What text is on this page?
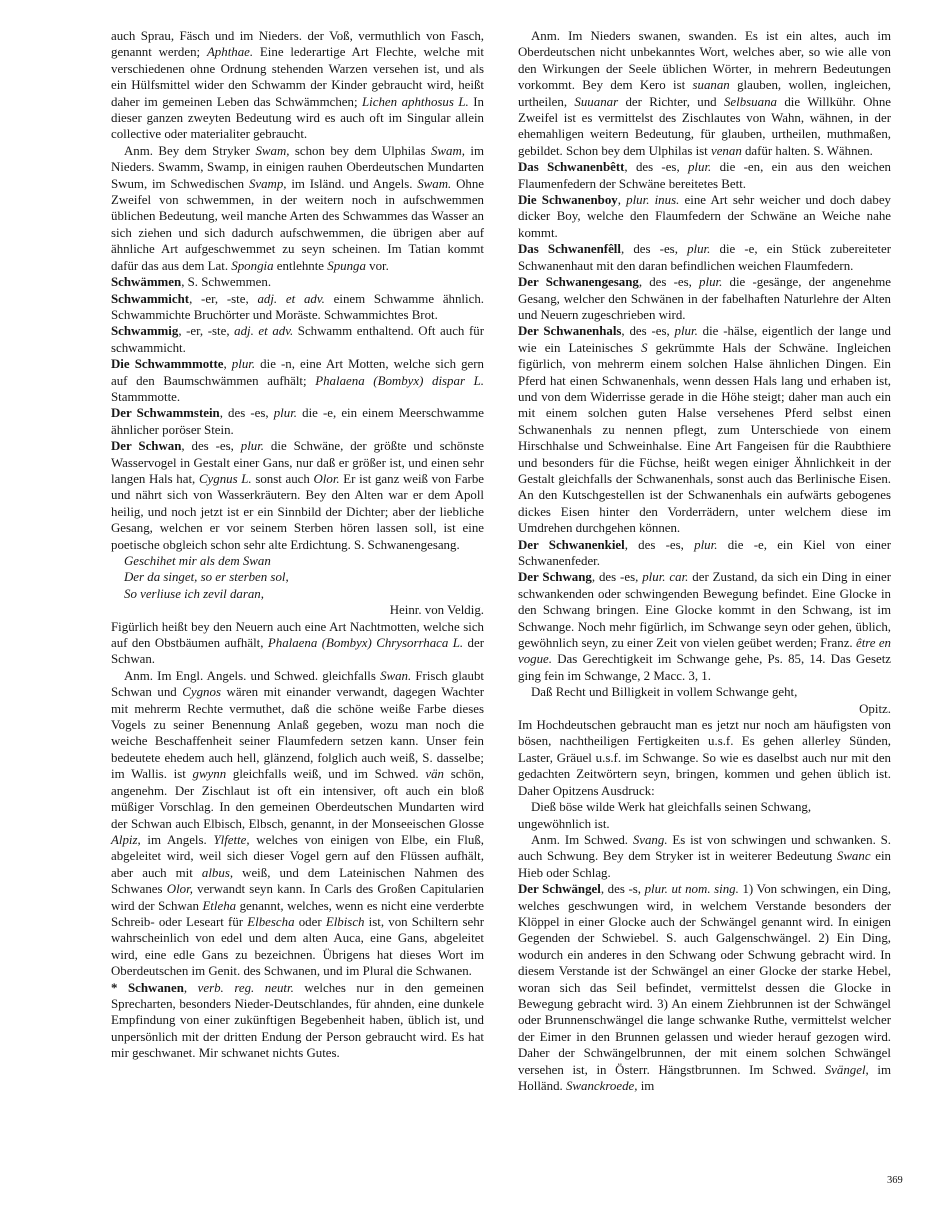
auch Sprau, Fäsch und im Nieders. der Voß, vermuthlich von Fasch, genannt werden; Aphthae. Eine lederartige Art Flechte, welche mit verschiedenen ohne Ordnung stehenden Warzen versehen ist, und als ein Hülfsmittel wider den Schwamm der Kinder gebraucht wird, heißt daher im gemeinen Leben das Schwämmchen; Lichen aphthosus L. In dieser ganzen zweyten Bedeutung wird es auch oft im Singular allein collective oder materialiter gebraucht.

Anm. Bey dem Stryker Swam, schon bey dem Ulphilas Swam, im Nieders. Swamm, Swamp, in einigen rauhen Oberdeutschen Mundarten Swum, im Schwedischen Svamp, im Isländ. und Angels. Swam. Ohne Zweifel von schwemmen, in der weitern noch in aufschwemmen üblichen Bedeutung, weil manche Arten des Schwammes das Wasser an sich ziehen und sich dadurch aufschwemmen, die übrigen aber auf ähnliche Art aufgeschwemmet zu seyn scheinen. Im Tatian kommt dafür das aus dem Lat. Spongia entlehnte Spunga vor.

Schwämmen, S. Schwemmen.

Schwammicht, -er, -ste, adj. et adv. einem Schwamme ähnlich. Schwammichte Bruchörter und Moräste. Schwammichtes Brot.

Schwammig, -er, -ste, adj. et adv. Schwamm enthaltend. Oft auch für schwammicht.

Die Schwammmotte, plur. die -n, eine Art Motten, welche sich gern auf den Baumschwämmen aufhält; Phalaena (Bombyx) dispar L. Stammmotte.

Der Schwammstein, des -es, plur. die -e, ein einem Meerschwamme ähnlicher poröser Stein.

Der Schwan, des -es, plur. die Schwäne, der größte und schönste Wasservogel in Gestalt einer Gans, nur daß er größer ist, und einen sehr langen Hals hat, Cygnus L. sonst auch Olor. Er ist ganz weiß von Farbe und nährt sich von Wasserkräutern. Bey den Alten war er dem Apoll heilig, und noch jetzt ist er ein Sinnbild der Dichter; aber der liebliche Gesang, welchen er vor seinem Sterben hören lassen soll, ist eine poetische obgleich schon sehr alte Erdichtung. S. Schwanengesang.

Geschihet mir als dem Swan

Der da singet, so er sterben sol,

So verliuse ich zevil daran,

Heinr. von Veldig.

Figürlich heißt bey den Neuern auch eine Art Nachtmotten, welche sich auf den Obstbäumen aufhält, Phalaena (Bombyx) Chrysorrhaca L. der Schwan.

Anm. Im Engl. Angels. und Schwed. gleichfalls Swan. Frisch glaubt Schwan und Cygnos wären mit einander verwandt, dagegen Wachter mit mehrerm Rechte vermuthet, daß die schöne weiße Farbe dieses Vogels zu seiner Benennung Anlaß gegeben, wozu man noch die weiche Beschaffenheit seiner Flaumfedern setzen kann. Unser fein bedeutete ehedem auch hell, glänzend, folglich auch weiß, S. dasselbe; im Wallis. ist gwynn gleichfalls weiß, und im Schwed. vän schön, angenehm. Der Zischlaut ist oft ein intensiver, oft auch ein bloß müßiger Vorschlag. In den gemeinen Oberdeutschen Mundarten wird der Schwan auch Elbisch, Elbsch, genannt, in der Monseeischen Glosse Alpiz, im Angels. Ylfette, welches von einigen von Elbe, ein Fluß, abgeleitet wird, weil sich dieser Vogel gern auf den Flüssen aufhält, aber auch mit albus, weiß, und dem Lateinischen Nahmen des Schwanes Olor, verwandt seyn kann. In Carls des Großen Capitularien wird der Schwan Etleha genannt, welches, wenn es nicht eine verderbte Schreib- oder Leseart für Elbescha oder Elbisch ist, von Schiltern sehr wahrscheinlich von edel und dem alten Auca, eine Gans, abgeleitet wird, eine edle Gans zu bezeichnen. Übrigens hat dieses Wort im Oberdeutschen im Genit. des Schwanen, und im Plural die Schwanen.

* Schwanen, verb. reg. neutr. welches nur in den gemeinen Sprecharten, besonders Nieder-Deutschlandes, für ahnden, eine dunkele Empfindung von einer zukünftigen Begebenheit haben, üblich ist, und unpersönlich mit der dritten Endung der Person gebraucht wird. Es hat mir geschwanet. Mir schwanet nichts Gutes.

Anm. Im Nieders swanen, swanden. Es ist ein altes, auch im Oberdeutschen nicht unbekanntes Wort, welches aber, so wie alle von den Wirkungen der Seele üblichen Wörter, in mehrern Bedeutungen vorkommt. Bey dem Kero ist suanan glauben, wollen, ingleichen, urtheilen, Suuanar der Richter, und Selbsuana die Willkühr. Ohne Zweifel ist es vermittelst des Zischlautes von Wahn, wähnen, in der ehemahligen weitern Bedeutung, für glauben, urtheilen, muthmaßen, gebildet. Schon bey dem Ulphilas ist venan dafür halten. S. Wähnen.

Das Schwanenbêtt, des -es, plur. die -en, ein aus den weichen Flaumenfedern der Schwäne bereitetes Bett.

Die Schwanenboy, plur. inus. eine Art sehr weicher und doch dabey dicker Boy, welche den Flaumfedern der Schwäne an Weiche nahe kommt.

Das Schwanenfêll, des -es, plur. die -e, ein Stück zubereiteter Schwanenhaut mit den daran befindlichen weichen Flaumfedern.

Der Schwanengesang, des -es, plur. die -gesänge, der angenehme Gesang, welcher den Schwänen in der fabelhaften Naturlehre der Alten und Neuern zugeschrieben wird.

Der Schwanenhals, des -es, plur. die -hälse, eigentlich der lange und wie ein Lateinisches S gekrümmte Hals der Schwäne. Ingleichen figürlich, von mehrerm einem solchen Halse ähnlichen Dingen. Ein Pferd hat einen Schwanenhals, wenn dessen Hals lang und erhaben ist, und von dem Widerrisse gerade in die Höhe steigt; daher man auch ein mit einem solchen guten Halse versehenes Pferd selbst einen Schwanenhals zu nennen pflegt, zum Unterschiede von einem Hirschhalse und Schweinhalse. Eine Art Fangeisen für die Raubthiere und besonders für die Füchse, heißt wegen einiger Ähnlichkeit in der Gestalt gleichfalls der Schwanenhals, sonst auch das Berlinische Eisen. An den Kutschgestellen ist der Schwanenhals ein aufwärts gebogenes dickes Eisen hinter den Vorderrädern, unter welchem diese im Umdrehen durchgehen können.

Der Schwanenkiel, des -es, plur. die -e, ein Kiel von einer Schwanenfeder.

Der Schwang, des -es, plur. car. der Zustand, da sich ein Ding in einer schwankenden oder schwingenden Bewegung befindet. Eine Glocke in den Schwang bringen. Eine Glocke kommt in den Schwang, ist im Schwange. Noch mehr figürlich, im Schwange seyn oder gehen, üblich, gewöhnlich seyn, zu einer Zeit von vielen geübet werden; Franz. être en vogue. Das Gerechtigkeit im Schwange gehe, Ps. 85, 14. Das Gesetz ging fein im Schwange, 2 Macc. 3, 1.

Daß Recht und Billigkeit in vollem Schwange geht,

Opitz.

Im Hochdeutschen gebraucht man es jetzt nur noch am häufigsten von bösen, nachtheiligen Fertigkeiten u.s.f. Es gehen allerley Sünden, Laster, Gräuel u.s.f. im Schwange. So wie es daselbst auch nur mit den gedachten Zeitwörtern seyn, bringen, kommen und gehen üblich ist. Daher Opitzens Ausdruck:

Dieß böse wilde Werk hat gleichfalls seinen Schwang,

ungewöhnlich ist.

Anm. Im Schwed. Svang. Es ist von schwingen und schwanken. S. auch Schwung. Bey dem Stryker ist in weiterer Bedeutung Swanc ein Hieb oder Schlag.

Der Schwängel, des -s, plur. ut nom. sing. 1) Von schwingen, ein Ding, welches geschwungen wird, in welchem Verstande besonders der Klöppel in einer Glocke auch der Schwängel genannt wird. In einigen Gegenden der Schwiebel. S. auch Galgenschwängel. 2) Ein Ding, wodurch ein anderes in den Schwang oder Schwung gebracht wird. In diesem Verstande ist der Schwängel an einer Glocke der starke Hebel, woran sich das Seil befindet, vermittelst dessen die Glocke in Bewegung gebracht wird. 3) An einem Ziehbrunnen ist der Schwängel oder Brunnenschwängel die lange schwanke Ruthe, vermittelst welcher der Eimer in den Brunnen gelassen und wieder herauf gezogen wird. Daher der Schwängelbrunnen, der mit einem solchen Schwängel versehen ist, in Österr. Hängstbrunnen. Im Schwed. Svängel, im Holländ. Swanckroede, im

369
